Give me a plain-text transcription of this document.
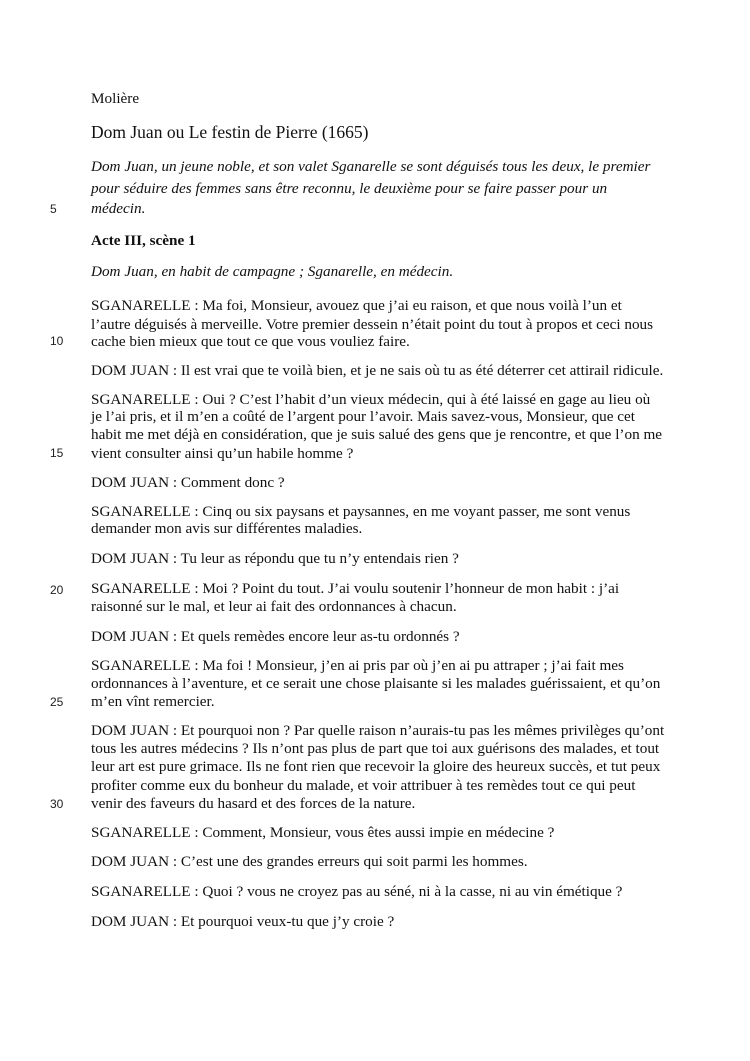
Molière
Dom Juan ou Le festin de Pierre (1665)
Dom Juan, un jeune noble, et son valet Sganarelle se sont déguisés tous les deux, le premier
pour séduire des femmes sans être reconnu, le deuxième pour se faire passer pour un
médecin.
5
Acte III, scène 1
Dom Juan, en habit de campagne ; Sganarelle, en médecin.
SGANARELLE : Ma foi, Monsieur, avouez que j’ai eu raison, et que nous voilà l’un et
l’autre déguisés à merveille. Votre premier dessein n’était point du tout à propos et ceci nous
cache bien mieux que tout ce que vous vouliez faire.
10
DOM JUAN : Il est vrai que te voilà bien, et je ne sais où tu as été déterrer cet attirail ridicule.
SGANARELLE : Oui ? C’est l’habit d’un vieux médecin, qui à été laissé en gage au lieu où
je l’ai pris, et il m’en a coûté de l’argent pour l’avoir. Mais savez-vous, Monsieur, que cet
habit me met déjà en considération, que je suis salué des gens que je rencontre, et que l’on me
vient consulter ainsi qu’un habile homme ?
15
DOM JUAN : Comment donc ?
SGANARELLE : Cinq ou six paysans et paysannes, en me voyant passer, me sont venus
demander mon avis sur différentes maladies.
DOM JUAN : Tu leur as répondu que tu n’y entendais rien ?
SGANARELLE : Moi ? Point du tout. J’ai voulu soutenir l’honneur de mon habit : j’ai
20
raisonné sur le mal, et leur ai fait des ordonnances à chacun.
DOM JUAN : Et quels remèdes encore leur as-tu ordonnés ?
SGANARELLE : Ma foi ! Monsieur, j’en ai pris par où j’en ai pu attraper ; j’ai fait mes
ordonnances à l’aventure, et ce serait une chose plaisante si les malades guérissaient, et qu’on
m’en vînt remercier.
25
DOM JUAN : Et pourquoi non ? Par quelle raison n’aurais-tu pas les mêmes privilèges qu’ont
tous les autres médecins ? Ils n’ont pas plus de part que toi aux guérisons des malades, et tout
leur art est pure grimace. Ils ne font rien que recevoir la gloire des heureux succès, et tut peux
profiter comme eux du bonheur du malade, et voir attribuer à tes remèdes tout ce qui peut
venir des faveurs du hasard et des forces de la nature.
30
SGANARELLE : Comment, Monsieur, vous êtes aussi impie en médecine ?
DOM JUAN : C’est une des grandes erreurs qui soit parmi les hommes.
SGANARELLE : Quoi ? vous ne croyez pas au séné, ni à la casse, ni au vin émétique ?
DOM JUAN : Et pourquoi veux-tu que j’y croie ?
